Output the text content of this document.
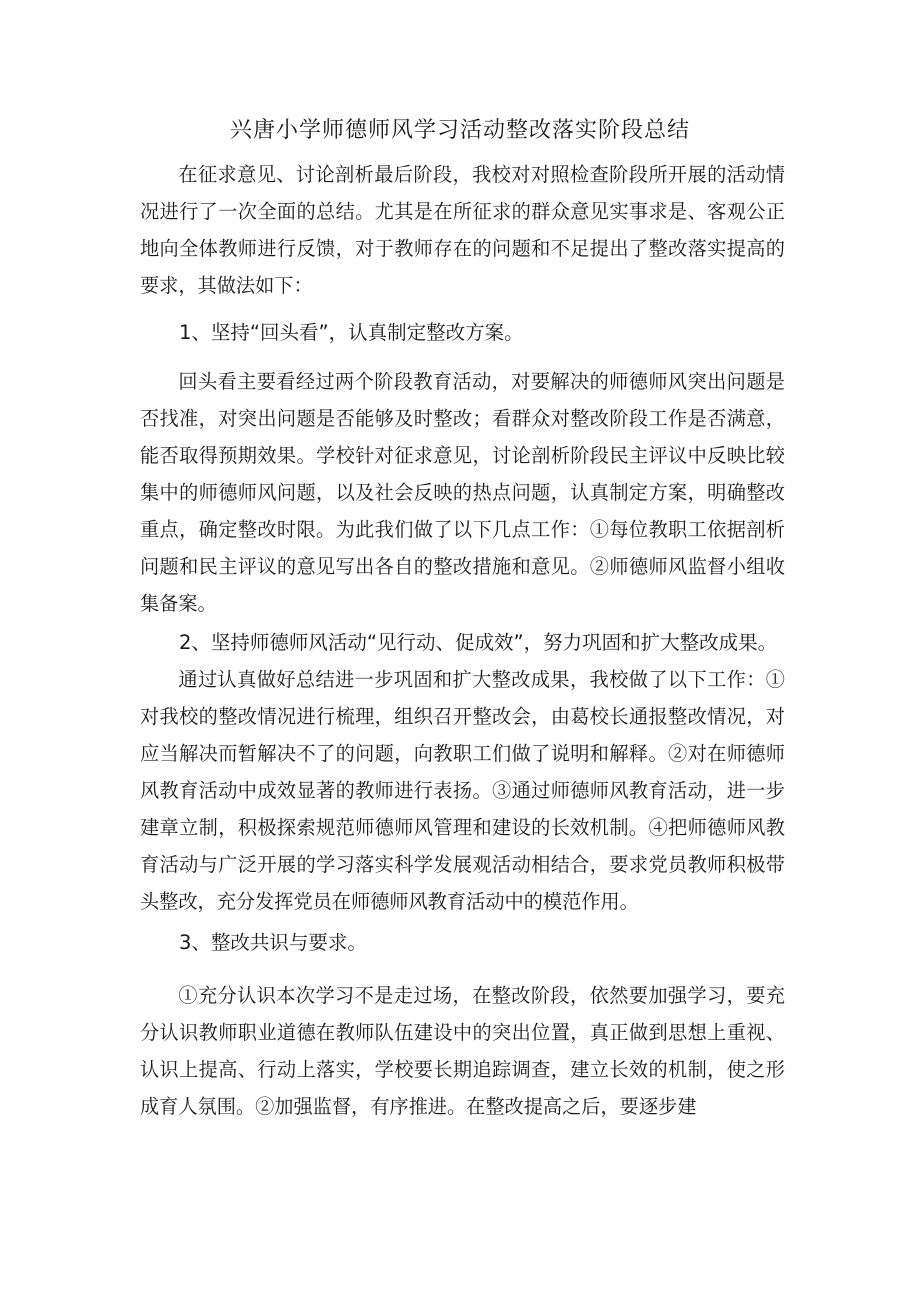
兴唐小学师德师风学习活动整改落实阶段总结

在征求意见、讨论剖析最后阶段，我校对对照检查阶段所开展的活动情况进行了一次全面的总结。尤其是在所征求的群众意见实事求是、客观公正地向全体教师进行反馈，对于教师存在的问题和不足提出了整改落实提高的要求，其做法如下：

1、坚持“回头看”，认真制定整改方案。

回头看主要看经过两个阶段教育活动，对要解决的师德师风突出问题是否找准，对突出问题是否能够及时整改；看群众对整改阶段工作是否满意，能否取得预期效果。学校针对征求意见，讨论剖析阶段民主评议中反映比较集中的师德师风问题，以及社会反映的热点问题，认真制定方案，明确整改重点，确定整改时限。为此我们做了以下几点工作：①每位教职工依据剖析问题和民主评议的意见写出各自的整改措施和意见。②师德师风监督小组收集备案。

2、坚持师德师风活动“见行动、促成效”，努力巩固和扩大整改成果。

通过认真做好总结进一步巩固和扩大整改成果，我校做了以下工作：①对我校的整改情况进行梳理，组织召开整改会，由葛校长通报整改情况，对应当解决而暂解决不了的问题，向教职工们做了说明和解释。②对在师德师风教育活动中成效显著的教师进行表扬。③通过师德师风教育活动，进一步建章立制，积极探索规范师德师风管理和建设的长效机制。④把师德师风教育活动与广泛开展的学习落实科学发展观活动相结合，要求党员教师积极带头整改，充分发挥党员在师德师风教育活动中的模范作用。

3、整改共识与要求。

①充分认识本次学习不是走过场，在整改阶段，依然要加强学习，要充分认识教师职业道德在教师队伍建设中的突出位置，真正做到思想上重视、认识上提高、行动上落实，学校要长期追踪调查，建立长效的机制，使之形成育人氛围。②加强监督，有序推进。在整改提高之后，要逐步建
